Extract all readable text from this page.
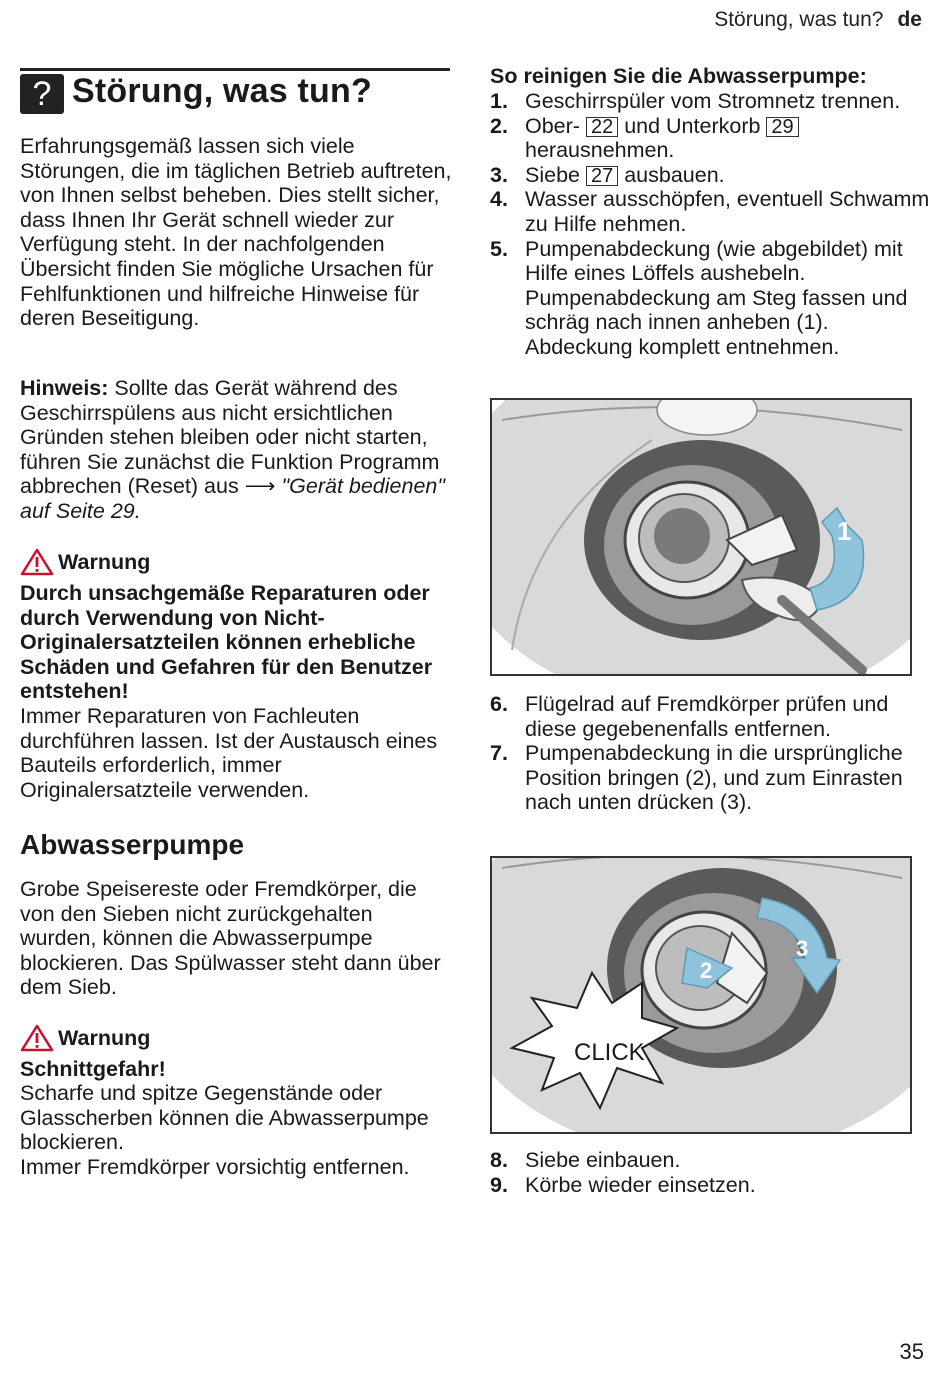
Störung, was tun? de
? Störung, was tun?
Erfahrungsgemäß lassen sich viele Störungen, die im täglichen Betrieb auftreten, von Ihnen selbst beheben. Dies stellt sicher, dass Ihnen Ihr Gerät schnell wieder zur Verfügung steht. In der nachfolgenden Übersicht finden Sie mögliche Ursachen für Fehlfunktionen und hilfreiche Hinweise für deren Beseitigung.
Hinweis: Sollte das Gerät während des Geschirrspülens aus nicht ersichtlichen Gründen stehen bleiben oder nicht starten, führen Sie zunächst die Funktion Programm abbrechen (Reset) aus ⟶ "Gerät bedienen" auf Seite 29.
Warnung
Durch unsachgemäße Reparaturen oder durch Verwendung von Nicht-Originalersatzteilen können erhebliche Schäden und Gefahren für den Benutzer entstehen!
Immer Reparaturen von Fachleuten durchführen lassen. Ist der Austausch eines Bauteils erforderlich, immer Originalersatzteile verwenden.
Abwasserpumpe
Grobe Speisereste oder Fremdkörper, die von den Sieben nicht zurückgehalten wurden, können die Abwasserpumpe blockieren. Das Spülwasser steht dann über dem Sieb.
Warnung
Schnittgefahr!
Scharfe und spitze Gegenstände oder Glasscherben können die Abwasserpumpe blockieren.
Immer Fremdkörper vorsichtig entfernen.
So reinigen Sie die Abwasserpumpe:
1. Geschirrspüler vom Stromnetz trennen.
2. Ober- 22 und Unterkorb 29 herausnehmen.
3. Siebe 27 ausbauen.
4. Wasser ausschöpfen, eventuell Schwamm zu Hilfe nehmen.
5. Pumpenabdeckung (wie abgebildet) mit Hilfe eines Löffels aushebeln. Pumpenabdeckung am Steg fassen und schräg nach innen anheben (1). Abdeckung komplett entnehmen.
1
6. Flügelrad auf Fremdkörper prüfen und diese gegebenenfalls entfernen.
7. Pumpenabdeckung in die ursprüngliche Position bringen (2), und zum Einrasten nach unten drücken (3).
2
3
CLICK
8. Siebe einbauen.
9. Körbe wieder einsetzen.
35
